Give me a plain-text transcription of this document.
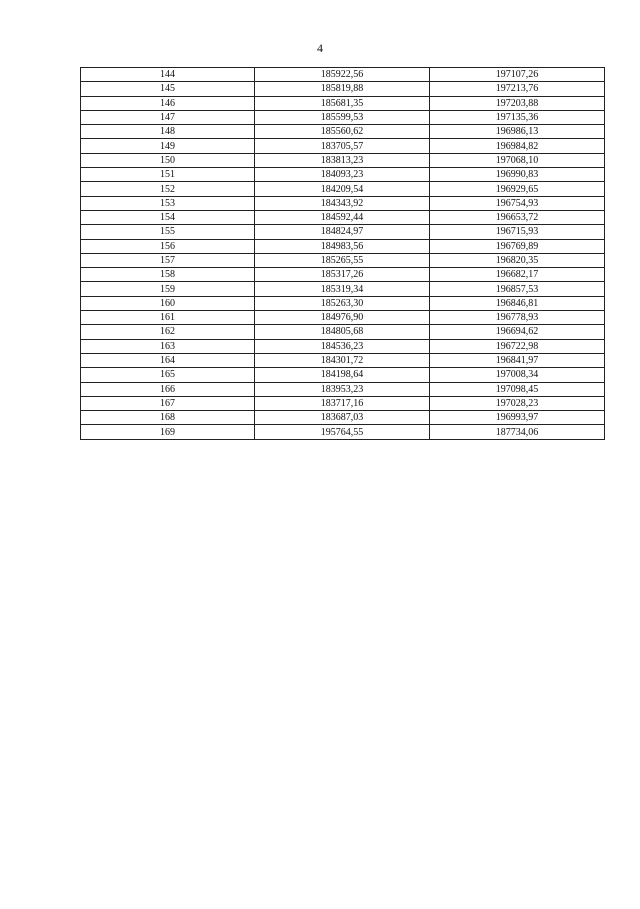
4
144	185922,56	197107,26
145	185819,88	197213,76
146	185681,35	197203,88
147	185599,53	197135,36
148	185560,62	196986,13
149	183705,57	196984,82
150	183813,23	197068,10
151	184093,23	196990,83
152	184209,54	196929,65
153	184343,92	196754,93
154	184592,44	196653,72
155	184824,97	196715,93
156	184983,56	196769,89
157	185265,55	196820,35
158	185317,26	196682,17
159	185319,34	196857,53
160	185263,30	196846,81
161	184976,90	196778,93
162	184805,68	196694,62
163	184536,23	196722,98
164	184301,72	196841,97
165	184198,64	197008,34
166	183953,23	197098,45
167	183717,16	197028,23
168	183687,03	196993,97
169	195764,55	187734,06
